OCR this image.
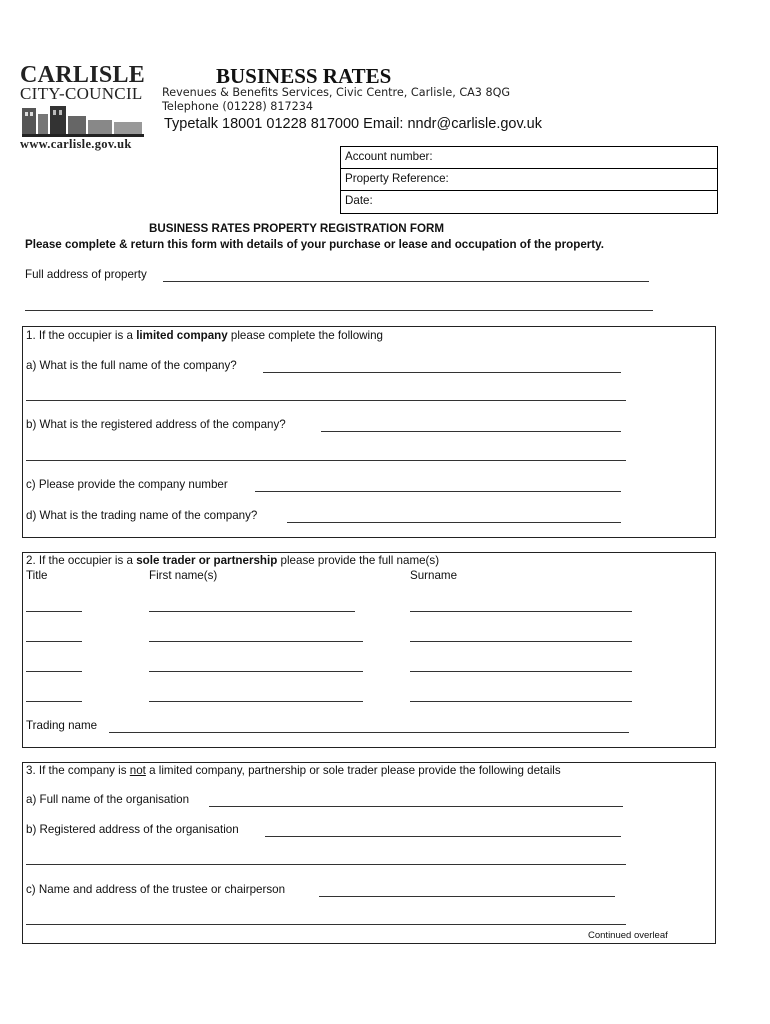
CARLISLE
CITY-COUNCIL
www.carlisle.gov.uk
BUSINESS RATES
Revenues & Benefits Services, Civic Centre, Carlisle, CA3 8QG
Telephone (01228) 817234
Typetalk 18001 01228 817000 Email: nndr@carlisle.gov.uk
Account number:
Property Reference:
Date:
BUSINESS RATES PROPERTY REGISTRATION FORM
Please complete & return this form with details of your purchase or lease and occupation of the property.
Full address of property
1. If the occupier is a limited company please complete the following
a) What is the full name of the company?
b) What is the registered address of the company?
c) Please provide the company number
d) What is the trading name of the company?
2. If the occupier is a sole trader or partnership please provide the full name(s)
Title	First name(s)	Surname
Trading name
3. If the company is not a limited company, partnership or sole trader please provide the following details
a) Full name of the organisation
b) Registered address of the organisation
c) Name and address of the trustee or chairperson
Continued overleaf
